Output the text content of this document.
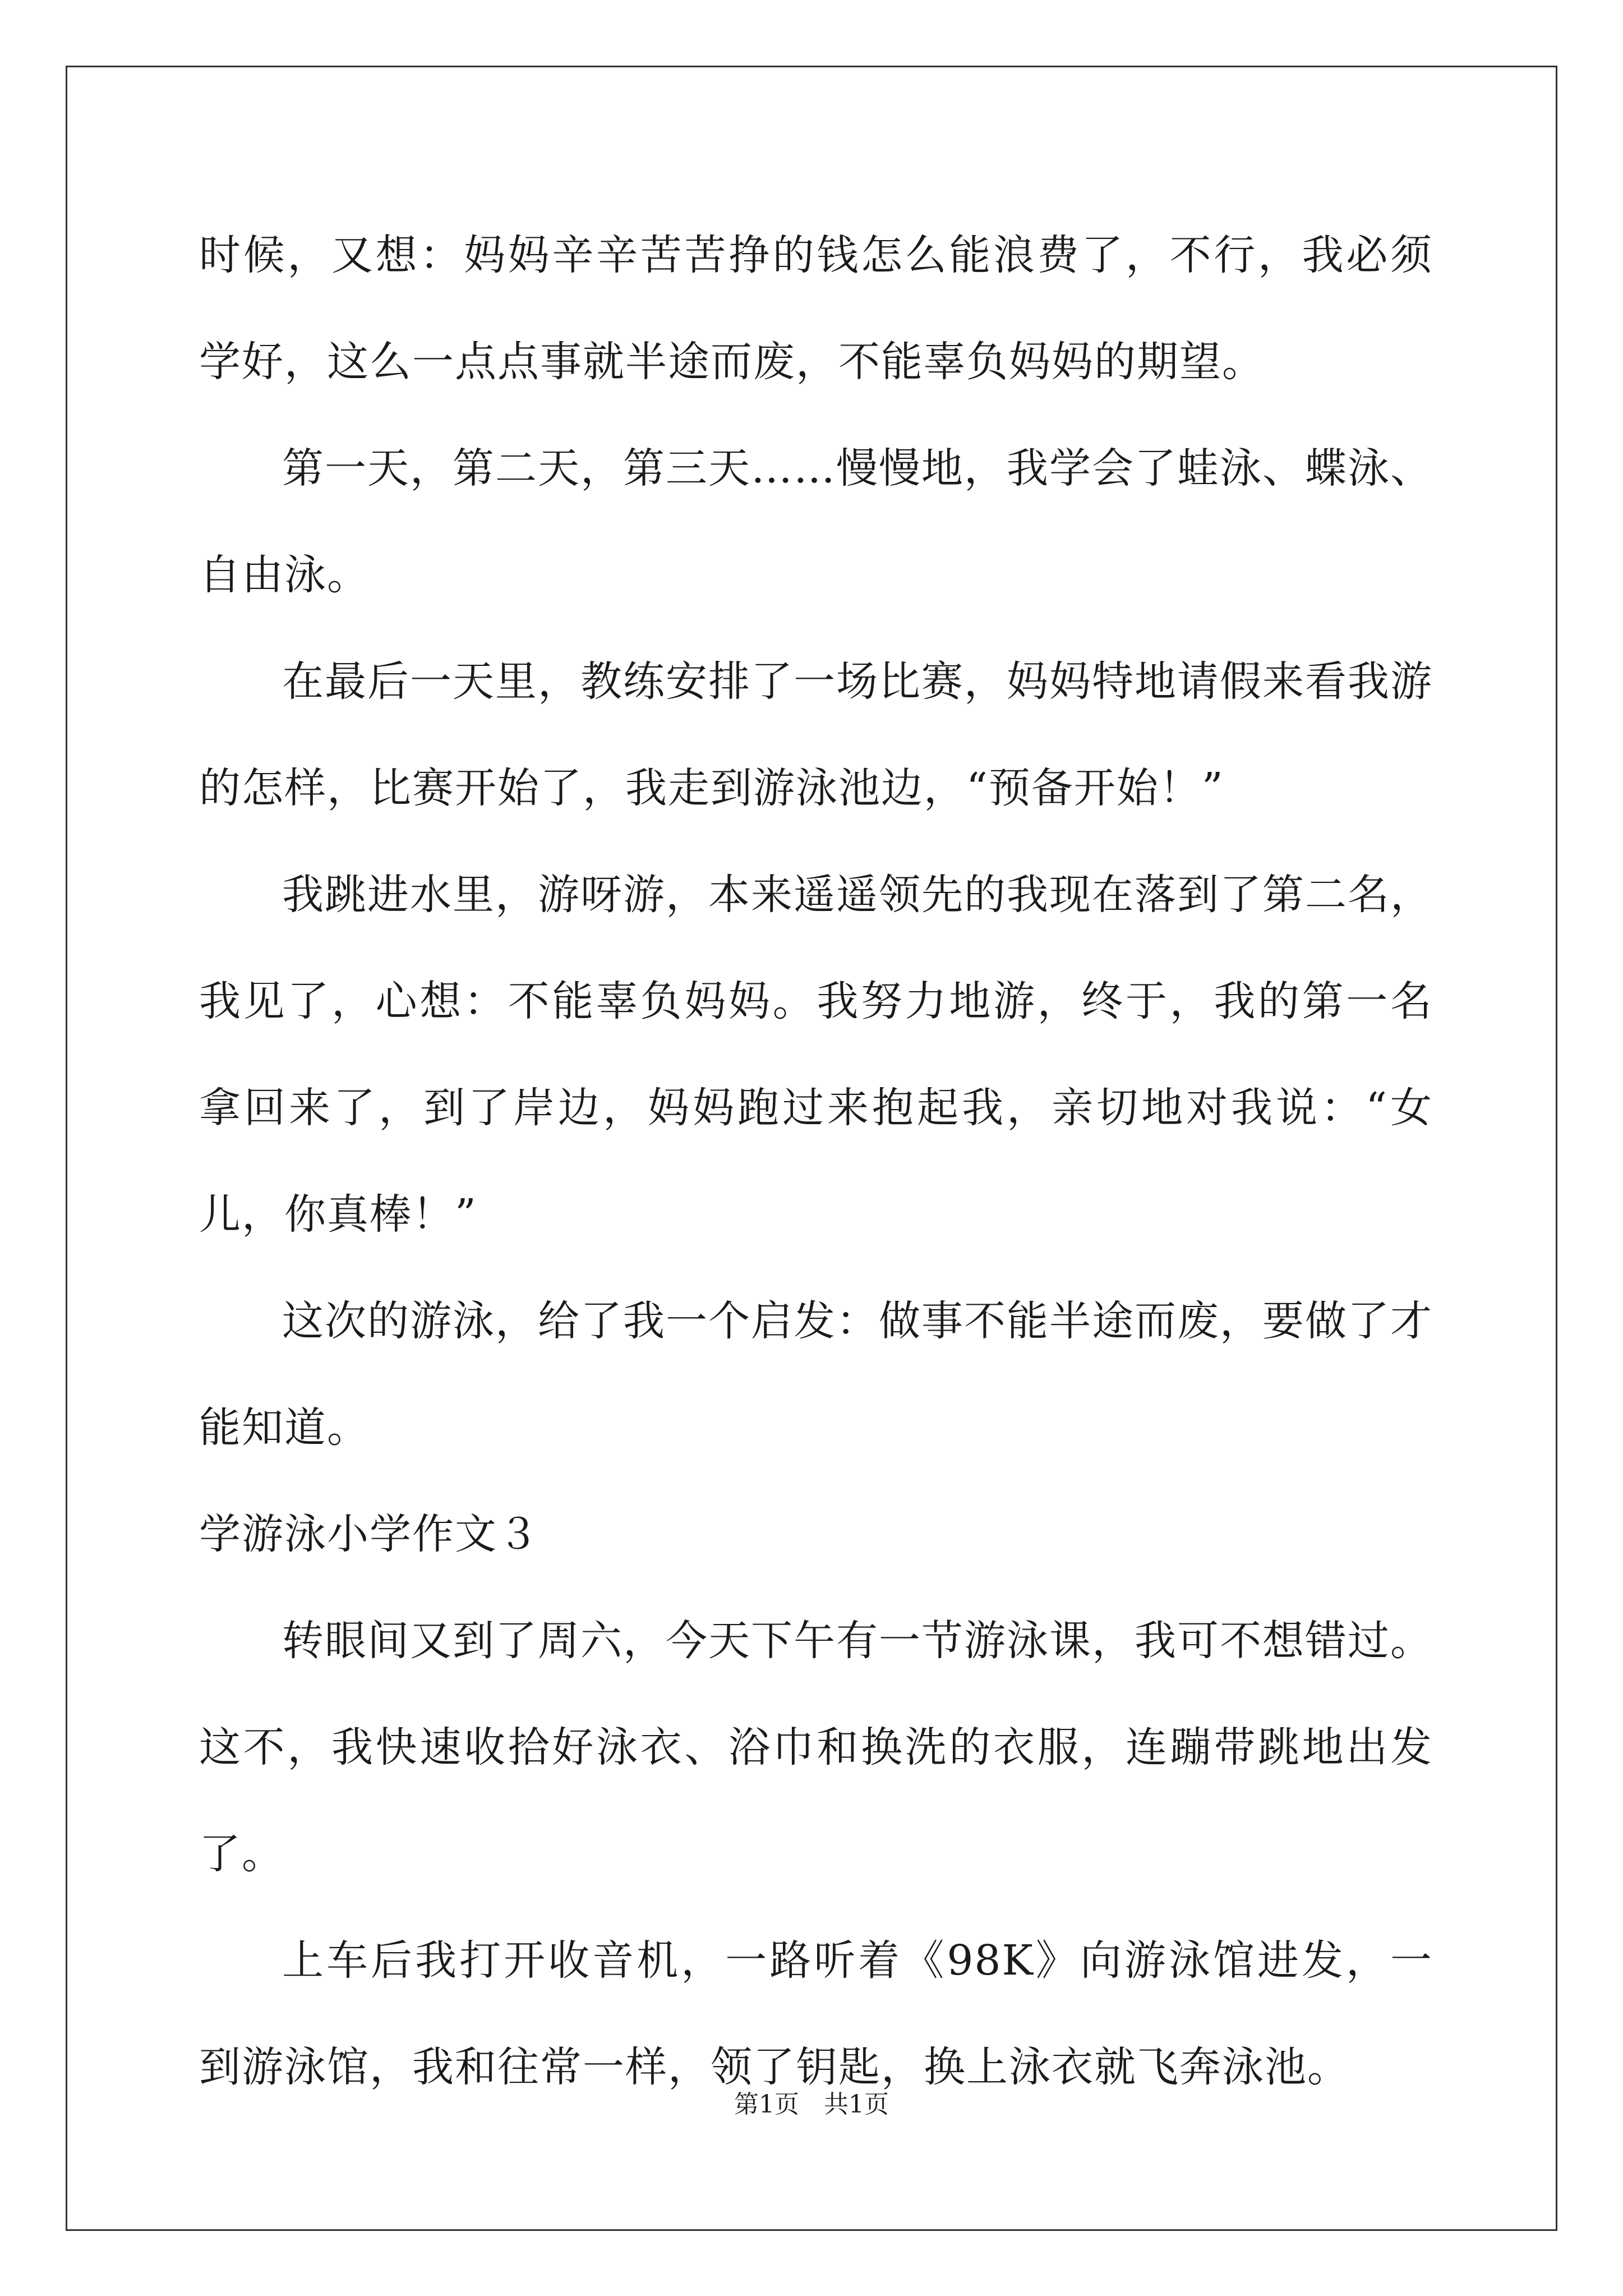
时候，又想：妈妈辛辛苦苦挣的钱怎么能浪费了，不行，我必须学好，这么一点点事就半途而废，不能辜负妈妈的期望。

第一天，第二天，第三天……慢慢地，我学会了蛙泳、蝶泳、自由泳。

在最后一天里，教练安排了一场比赛，妈妈特地请假来看我游的怎样，比赛开始了，我走到游泳池边，“预备开始！”

我跳进水里，游呀游，本来遥遥领先的我现在落到了第二名，我见了，心想：不能辜负妈妈。我努力地游，终于，我的第一名拿回来了，到了岸边，妈妈跑过来抱起我，亲切地对我说：“女儿，你真棒！”

这次的游泳，给了我一个启发：做事不能半途而废，要做了才能知道。

学游泳小学作文３

转眼间又到了周六，今天下午有一节游泳课，我可不想错过。这不，我快速收拾好泳衣、浴巾和换洗的衣服，连蹦带跳地出发了。

上车后我打开收音机，一路听着《98K》向游泳馆进发，一到游泳馆，我和往常一样，领了钥匙，换上泳衣就飞奔泳池。

第1页　共1页
